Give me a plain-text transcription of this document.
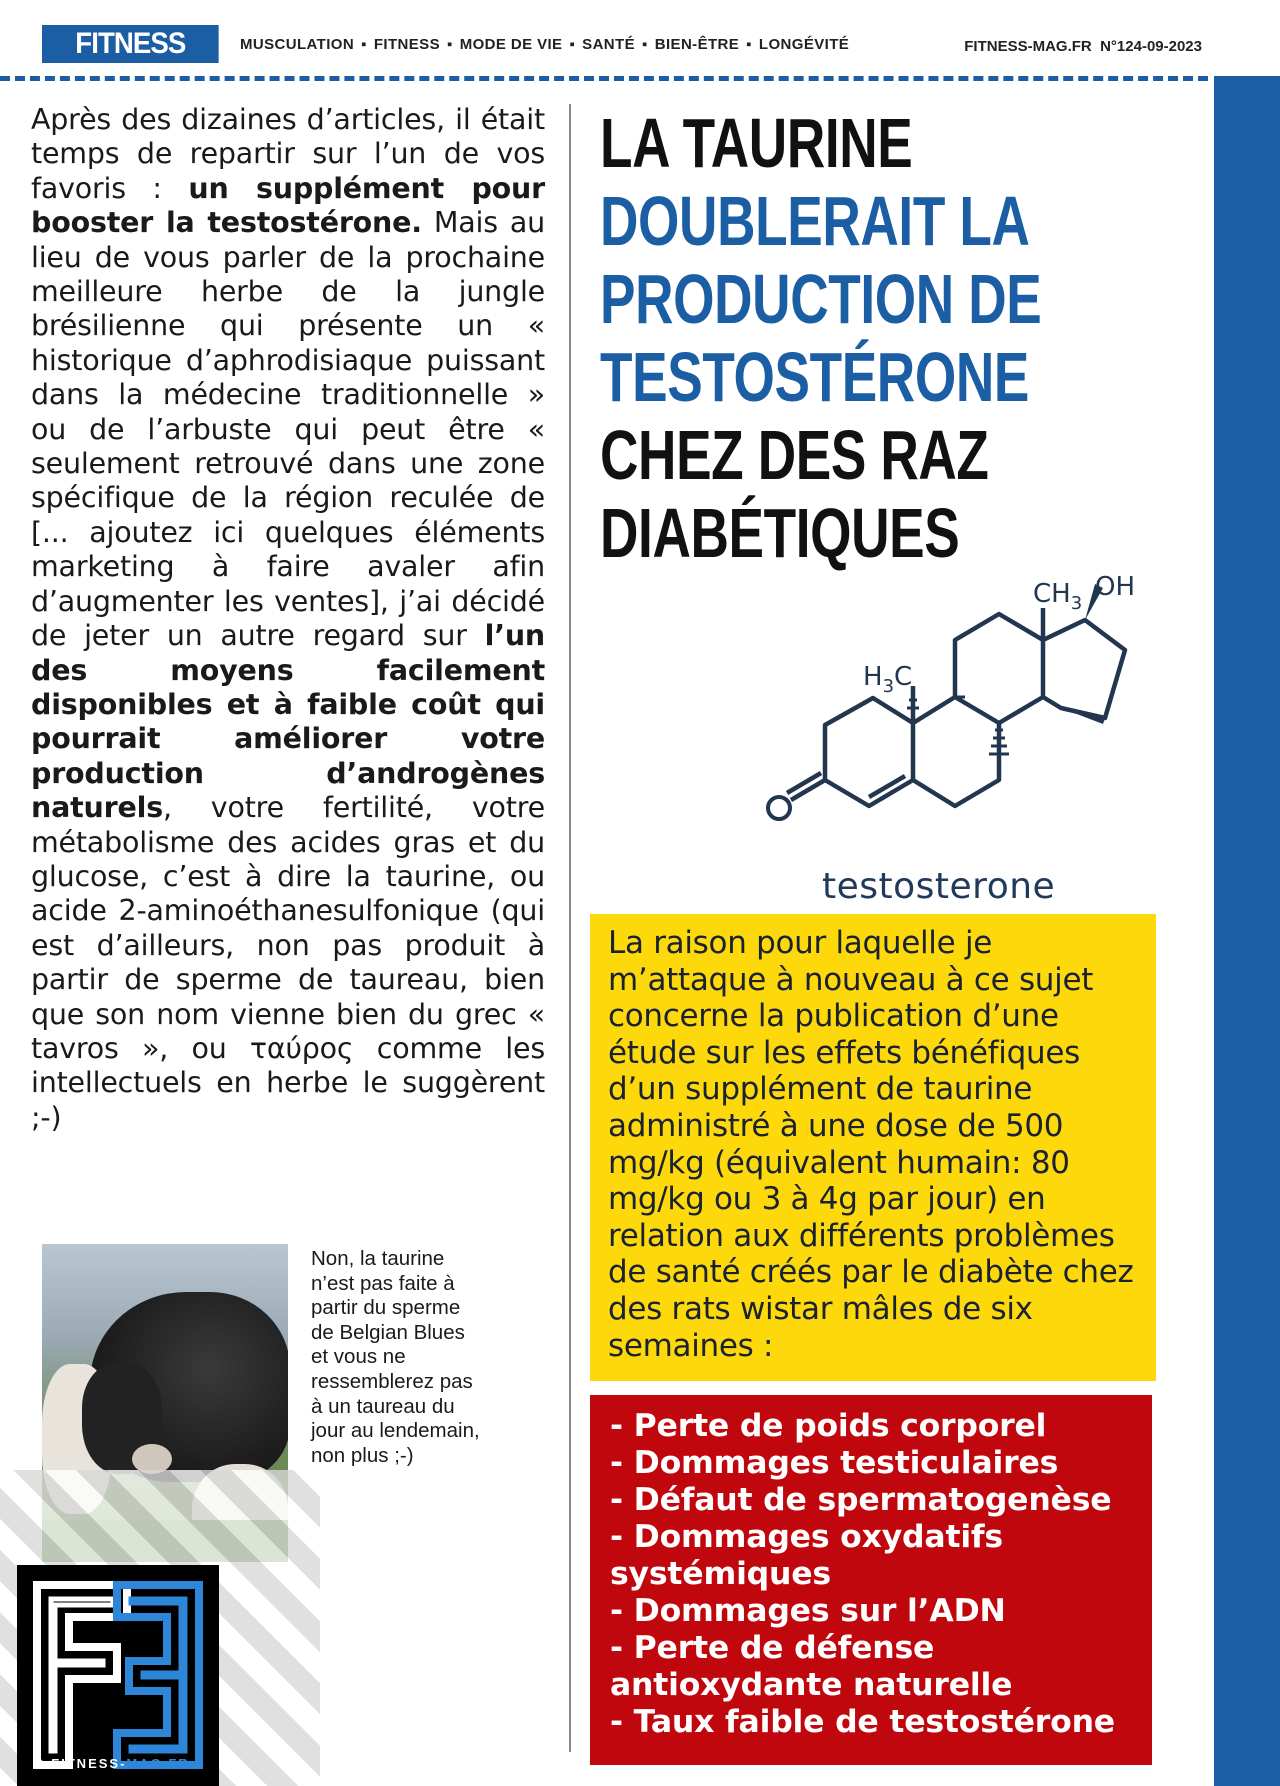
FITNESS MAG
MUSCULATION ▪ FITNESS ▪ MODE DE VIE ▪ SANTÉ ▪ BIEN-ÊTRE ▪ LONGÉVITÉ	FITNESS-MAG.FR N°124-09-2023
Après des dizaines d’articles, il était temps de repartir sur l’un de vos favoris : un supplément pour booster la testostérone. Mais au lieu de vous parler de la prochaine meilleure herbe de la jungle brésilienne qui présente un « historique d’aphrodisiaque puissant dans la médecine traditionnelle » ou de l’arbuste qui peut être « seulement retrouvé dans une zone spécifique de la région reculée de [... ajoutez ici quelques éléments marketing à faire avaler afin d’augmenter les ventes], j’ai décidé de jeter un autre regard sur l’un des moyens facilement disponibles et à faible coût qui pourrait améliorer votre production d’androgènes naturels, votre fertilité, votre métabolisme des acides gras et du glucose, c’est à dire la taurine, ou acide 2-aminoéthanesulfonique (qui est d’ailleurs, non pas produit à partir de sperme de taureau, bien que son nom vienne bien du grec « tavros », ou ταύρος comme les intellectuels en herbe le suggèrent ;-)
Non, la taurine n’est pas faite à partir du sperme de Belgian Blues et vous ne ressemblerez pas à un taureau du jour au lendemain, non plus ;-)
© FITNESS-MAG.FR
LA TAURINE
DOUBLERAIT LA
PRODUCTION DE
TESTOSTÉRONE
CHEZ DES RAZ
DIABÉTIQUES
$H_3C$
$CH_3$
OH
testosterone
La raison pour laquelle je m’attaque à nouveau à ce sujet concerne la publication d’une étude sur les effets bénéfiques d’un supplément de taurine administré à une dose de 500 mg/kg (équivalent humain: 80 mg/kg ou 3 à 4g par jour) en relation aux différents problèmes de santé créés par le diabète chez des rats wistar mâles de six semaines :
- Perte de poids corporel
- Dommages testiculaires
- Défaut de spermatogenèse
- Dommages oxydatifs systémiques
- Dommages sur l’ADN
- Perte de défense antioxydante naturelle
- Taux faible de testostérone
